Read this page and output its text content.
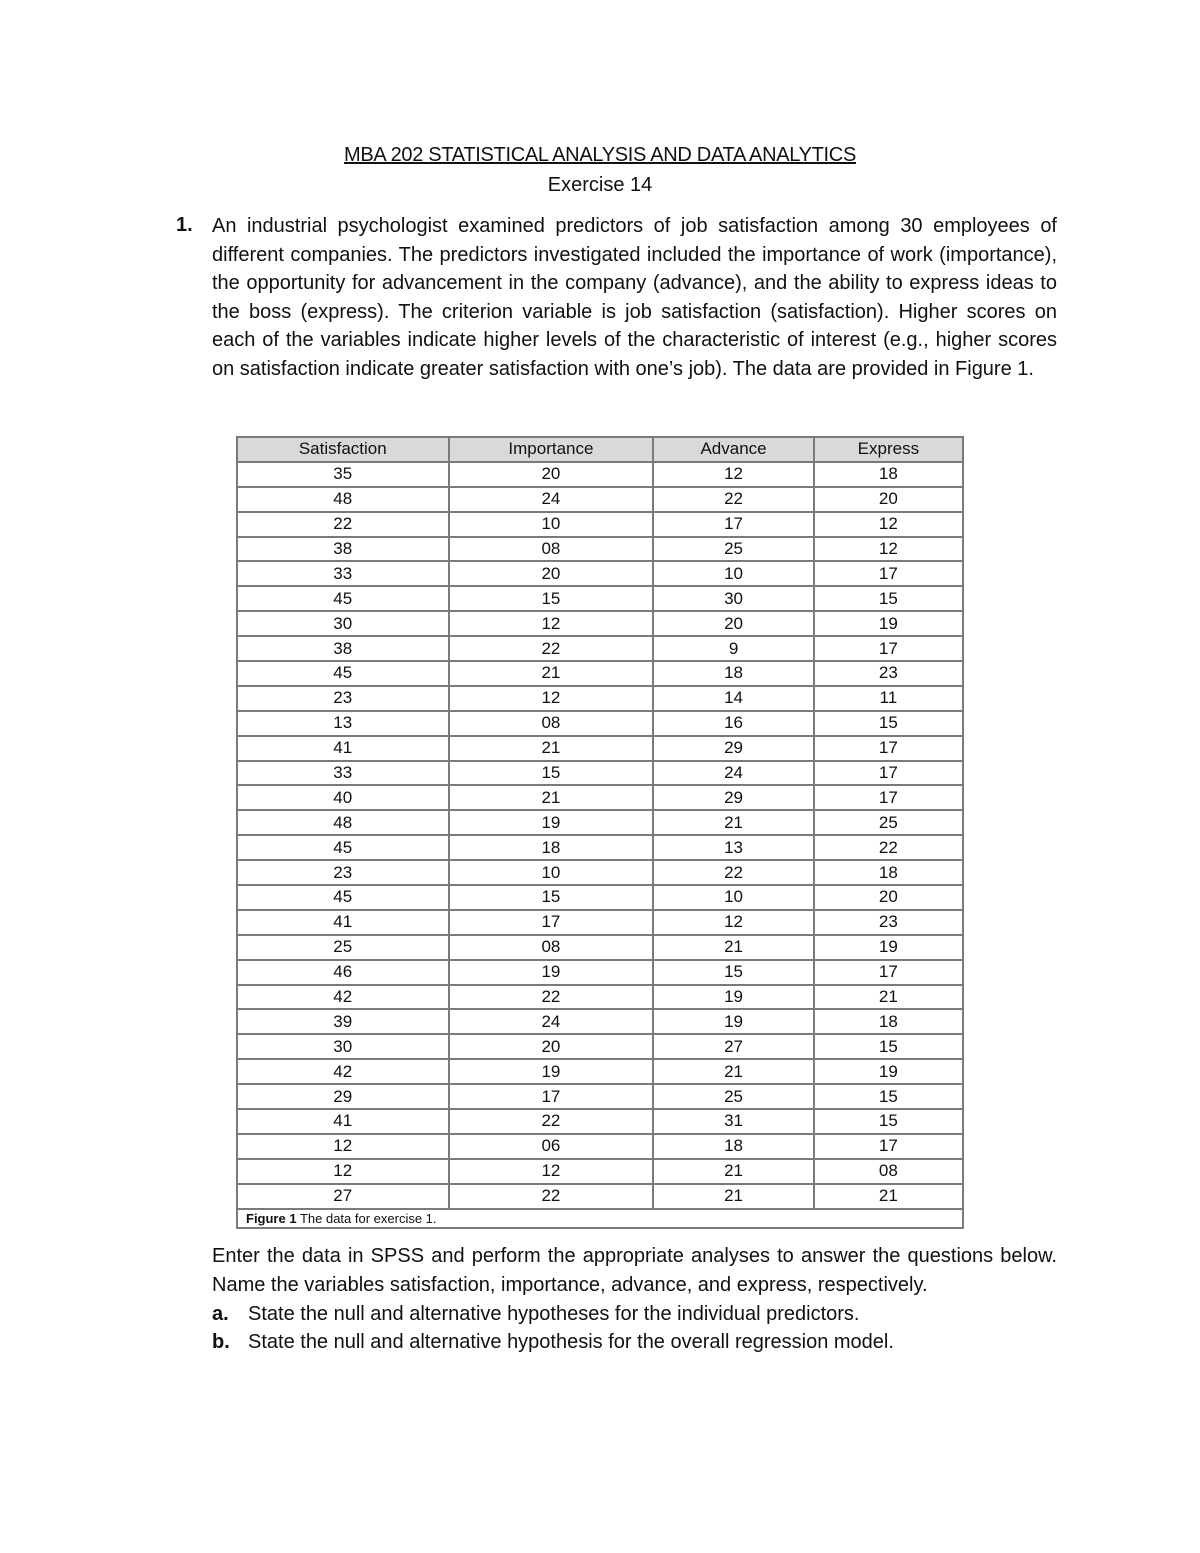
MBA 202 STATISTICAL ANALYSIS AND DATA ANALYTICS
Exercise 14
1. An industrial psychologist examined predictors of job satisfaction among 30 employees of different companies. The predictors investigated included the importance of work (importance), the opportunity for advancement in the company (advance), and the ability to express ideas to the boss (express). The criterion variable is job satisfaction (satisfaction). Higher scores on each of the variables indicate higher levels of the characteristic of interest (e.g., higher scores on satisfaction indicate greater satisfaction with one’s job). The data are provided in Figure 1.
Satisfaction	Importance	Advance	Express
35	20	12	18
48	24	22	20
22	10	17	12
38	08	25	12
33	20	10	17
45	15	30	15
30	12	20	19
38	22	9	17
45	21	18	23
23	12	14	11
13	08	16	15
41	21	29	17
33	15	24	17
40	21	29	17
48	19	21	25
45	18	13	22
23	10	22	18
45	15	10	20
41	17	12	23
25	08	21	19
46	19	15	17
42	22	19	21
39	24	19	18
30	20	27	15
42	19	21	19
29	17	25	15
41	22	31	15
12	06	18	17
12	12	21	08
27	22	21	21
Figure 1 The data for exercise 1.			
Enter the data in SPSS and perform the appropriate analyses to answer the questions below. Name the variables satisfaction, importance, advance, and express, respectively.
a. State the null and alternative hypotheses for the individual predictors.
b. State the null and alternative hypothesis for the overall regression model.
